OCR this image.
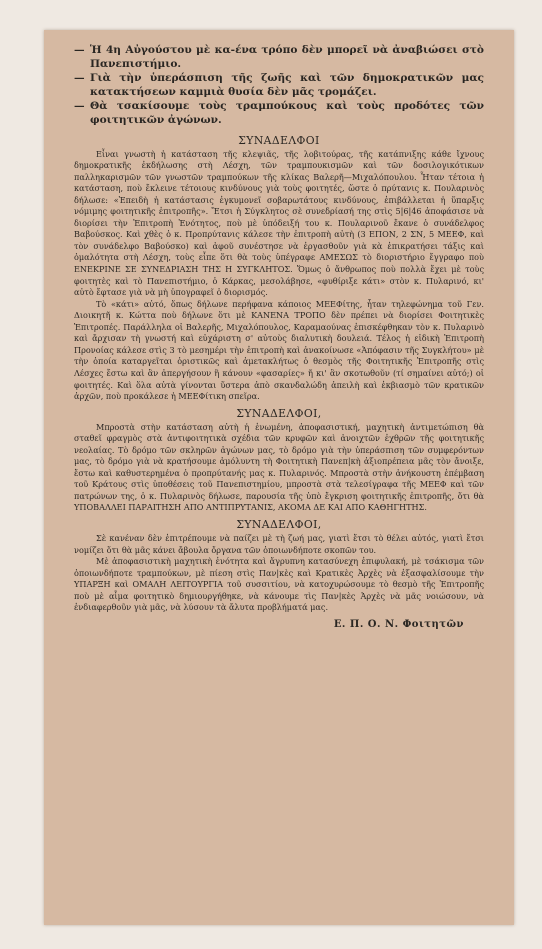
— Ἡ 4η Αὐγούστου μὲ κα-ένα τρόπο δὲν μπορεῖ νὰ ἀναβιώσει στὸ Πανεπιστήμιο.
— Γιὰ τὴν ὑπεράσπιση τῆς ζωῆς καὶ τῶν δημοκρατικῶν μας κατακτήσεων καμμιὰ θυσία δὲν μᾶς τρομάζει.
— Θὰ τσακίσουμε τοὺς τραμπούκους καὶ τοὺς προδότες τῶν φοιτητικῶν ἀγώνων.
ΣΥΝΑΔΕΛΦΟΙ

Εἶναι γνωστὴ ἡ κατάσταση τῆς κλεψιᾶς, τῆς λοβιτούρας, τῆς κατάπνιξης κάθε ἴχνους δημοκρατικῆς ἐκδήλωσης στὴ Λέσχη, τῶν τραμπουκισμῶν καὶ τῶν δοσιλογικότικων παλληκαρισμῶν τῶν γνωστῶν τραμπούκων τῆς κλίκας Βαλερῆ—Μιχαλόπουλου. Ἦταν τέτοια ἡ κατάσταση, ποὺ ἔκλεινε τέτοιους κινδύνους γιὰ τοὺς φοιτητές, ὥστε ὁ πρύτανις κ. Πουλαρινὸς δήλωσε: «Ἐπειδὴ ἡ κατάστασις ἐγκυμονεῖ σοβαρωτάτους κινδύνους, ἐπιβάλλεται ἡ ὕπαρξις νόμιμης φοιτητικῆς ἐπιτροπῆς». Ἔτσι ἡ Σύγκλητος σὲ συνεδρίασή της στὶς 5|6|46 ἀποφάσισε νὰ διορίσει τὴν Ἐπιτροπὴ Ἑνότητος, ποὺ μὲ ὑπόδειξή του κ. Πουλαρινοῦ ἔκανε ὁ συνάδελφος Βαβούσκος. Καὶ χθὲς ὁ κ. Προπρύτανις κάλεσε τὴν ἐπιτροπὴ αὐτὴ (3 ΕΠΟΝ, 2 ΣΝ, 5 ΜΕΕΦ, καὶ τὸν συνάδελφο Βαβούσκο) καὶ ἀφοῦ συνέστησε νὰ ἐργασθοῦν γιὰ κὰ ἐπικρατήσει τάξις καὶ ὁμαλότητα στὴ Λέσχη, τοὺς εἶπε ὅτι θὰ τοὺς ὑπέγραφε ΑΜΕΣΩΣ τὸ διοριστήριο ἔγγραφο ποὺ ΕΝΕΚΡΙΝΕ ΣΕ ΣΥΝΕΔΡΙΑΣΗ ΤΗΣ Η ΣΥΓΚΛΗΤΟΣ. Ὅμως ὁ ἄνθρωπος ποὺ πολλὰ ἔχει μὲ τοὺς φοιτητὲς καὶ τὸ Πανεπιστήμιο, ὁ Κάρκας, μεσολάβησε, «φυθίριξε κάτι» στὸν κ. Πυλαρινό, κι' αὐτὸ ἔφτασε γιὰ νὰ μὴ ὑπογραφεῖ ὁ διορισμός.

Τὸ «κάτι» αὐτό, ὅπως δήλωνε περήφανα κάποιος ΜΕΕΦίτης, ἦταν τηλεφώνημα τοῦ Γεν. Διοικητῆ κ. Κώττα ποὺ δήλωνε ὅτι μὲ ΚΑΝΕΝΑ ΤΡΟΠΟ δὲν πρέπει νὰ διορίσει Φοιτητικὲς Ἐπιτροπές. Παράλληλα οἱ Βαλερῆς, Μιχαλόπουλος, Καραμαούνας ἐπισκέφθηκαν τὸν κ. Πυλαρινὸ καὶ ἄρχισαν τὴ γνωστή καὶ εὐχάριστη σ' αὐτοὺς διαλυτικὴ δουλειά. Τέλος ἡ εἰδικὴ Ἐπιτροπὴ Προνοίας κάλεσε στὶς 3 τὸ μεσημέρι τὴν ἐπιτροπὴ καὶ ἀνακοίνωσε «Ἀπόφασιν τῆς Συγκλήτου» μὲ τὴν ὁποία καταργεῖται ὁριστικῶς καὶ ἀμετακλήτως ὁ θεσμὸς τῆς Φοιτητικῆς Ἐπιτροπῆς στὶς Λέσχες ἔστω καὶ ἂν ἀπεργήσουν ἢ κάνουν «φασαρίες» ἤ κι' ἂν σκοτωθοῦν (τί σημαίνει αὐτό;) οἱ φοιτητές. Καὶ ὅλα αὐτὰ γίνονται ὕστερα ἀπὸ σκανδαλώδη ἀπειλὴ καὶ ἐκβιασμὸ τῶν κρατικῶν ἀρχῶν, ποὺ προκάλεσε ἡ ΜΕΕΦίτικη σπεῖρα.

ΣΥΝΑΔΕΛΦΟΙ,

Μπροστὰ στὴν κατάσταση αὐτὴ ἡ ἑνωμένη, ἀποφασιστική, μαχητικὴ ἀντιμετώπιση θὰ σταθεῖ φραγμὸς στὰ ἀντιφοιτητικὰ σχέδια τῶν κρυφῶν καὶ ἀνοιχτῶν ἐχθρῶν τῆς φοιτητικῆς νεολαίας. Τὸ δρόμο τῶν σκληρῶν ἀγώνων μας, τὸ δρόμο γιὰ τὴν ὑπεράσπιση τῶν συμφερόντων μας, τὸ δρόμο γιὰ νὰ κρατήσουμε ἀμόλυντη τὴ Φοιτητικὴ Πανεπ|κὴ ἀξιοπρέπεια μᾶς τὸν ἄνοιξε, ἔστω καὶ καθυστερημένα ὁ προπρύτανής μας κ. Πυλαρινός. Μπροστὰ στὴν ἀνήκουστη ἐπέμβαση τοῦ Κράτους στὶς ὑποθέσεις τοῦ Πανεπιστημίου, μπροστὰ στὰ τελεσίγραφα τῆς ΜΕΕΦ καὶ τῶν πατρώνων της, ὁ κ. Πυλαρινὸς δήλωσε, παρουσία τῆς ὑπὸ ἔγκριση φοιτητικῆς ἐπιτροπῆς, ὅτι θὰ ΥΠΟΒΑΛΛΕΙ ΠΑΡΑΙΤΗΣΗ ΑΠΟ ΑΝΤΙΠΡΥΤΑΝΙΣ, ΑΚΟΜΑ ΔΕ ΚΑΙ ΑΠΟ ΚΑΘΗΓΗΤΗΣ.

ΣΥΝΑΔΕΛΦΟΙ,

Σὲ κανέναν δὲν ἐπιτρέπουμε νὰ παίζει μὲ τὴ ζωή μας, γιατὶ ἔτσι τὸ θέλει αὐτός, γιατὶ ἔτσι νομίζει ὅτι θὰ μᾶς κάνει ἄβουλα ὄργανα τῶν ὁποιωνδήποτε σκοπῶν του.

Μὲ ἀποφασιστικὴ μαχητικὴ ἑνότητα καὶ ἄγρυπνη κατασύνεχη ἐπιφυλακή, μὲ τσάκισμα τῶν ὁποιωνδήποτε τραμπούκων, μὲ πίεση στὶς Παν|κὲς καὶ Κρατικὲς Ἀρχὲς νὰ ἐξασφαλίσουμε τὴν ΥΠΑΡΞΗ καὶ ΟΜΑΛΗ ΛΕΙΤΟΥΡΓΙΑ τοῦ συσσιτίου, νὰ κατοχυρώσουμε τὸ θεσμὸ τῆς Ἐπιτροπῆς ποὺ μὲ αἷμα φοιτητικὸ δημιουργήθηκε, νὰ κάνουμε τὶς Παν|κὲς Ἀρχὲς νὰ μᾶς νοιώσουν, νὰ ἐνδιαφερθοῦν γιὰ μᾶς, νὰ λύσουν τὰ ἄλυτα προβλήματά μας.

Ε. Π. Ο. Ν. Φοιτητῶν
